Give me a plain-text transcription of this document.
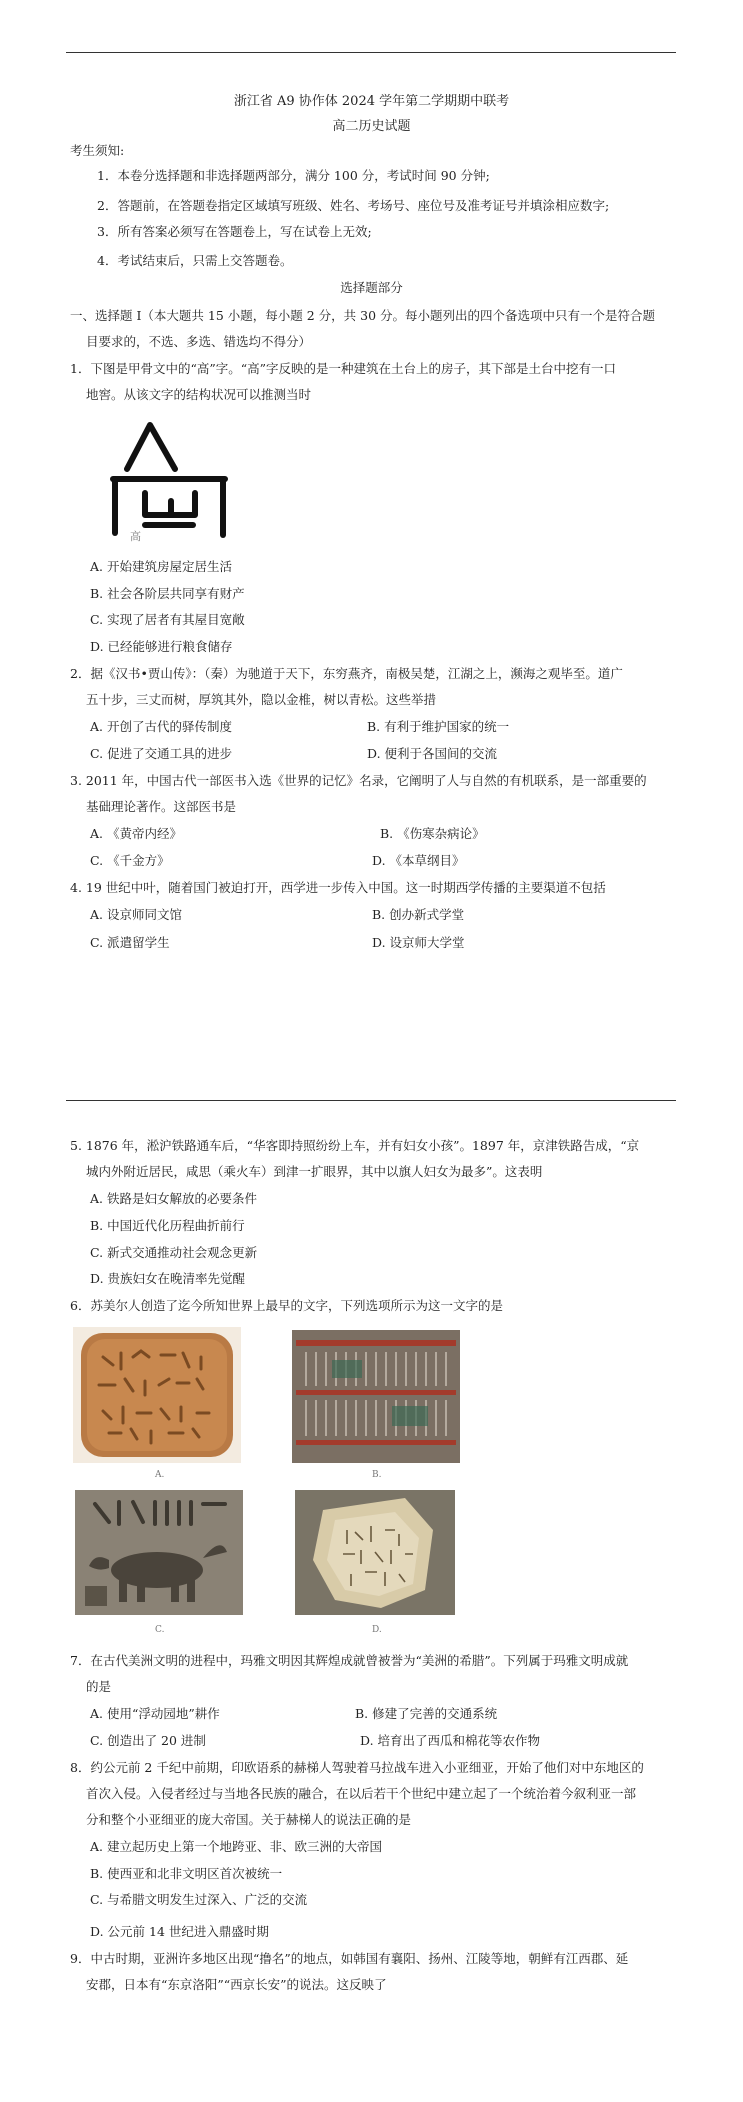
浙江省 A9 协作体 2024 学年第二学期期中联考
高二历史试题
考生须知:
1．本卷分选择题和非选择题两部分，满分 100 分，考试时间 90 分钟;
2．答题前，在答题卷指定区域填写班级、姓名、考场号、座位号及准考证号并填涂相应数字;
3．所有答案必须写在答题卷上，写在试卷上无效;
4．考试结束后，只需上交答题卷。
选择题部分
一、选择题 I（本大题共 15 小题，每小题 2 分，共 30 分。每小题列出的四个备选项中只有一个是符合题
目要求的，不选、多选、错选均不得分）
1．下图是甲骨文中的“高”字。“高”字反映的是一种建筑在土台上的房子，其下部是土台中挖有一口
地窖。从该文字的结构状况可以推测当时
高
A. 开始建筑房屋定居生活
B. 社会各阶层共同享有财产
C. 实现了居者有其屋目宽敞
D. 已经能够进行粮食储存
2．据《汉书•贾山传》：（秦）为驰道于天下，东穷燕齐，南极吴楚，江湖之上，濒海之观毕至。道广
五十步，三丈而树，厚筑其外，隐以金椎，树以青松。这些举措
A. 开创了古代的驿传制度	B. 有利于维护国家的统一
C. 促进了交通工具的进步	D. 便利于各国间的交流
3. 2011 年，中国古代一部医书入选《世界的记忆》名录，它阐明了人与自然的有机联系，是一部重要的
基础理论著作。这部医书是
A. 《黄帝内经》	B. 《伤寒杂病论》
C. 《千金方》	D. 《本草纲目》
4. 19 世纪中叶，随着国门被迫打开，西学进一步传入中国。这一时期西学传播的主要渠道不包括
A. 设京师同文馆	B. 创办新式学堂
C. 派遣留学生	D. 设京师大学堂
5. 1876 年，淞沪铁路通车后，“华客即持照纷纷上车，并有妇女小孩”。1897 年，京津铁路告成，“京
城内外附近居民，咸思（乘火车）到津一扩眼界，其中以旗人妇女为最多”。这表明
A. 铁路是妇女解放的必要条件
B. 中国近代化历程曲折前行
C. 新式交通推动社会观念更新
D. 贵族妇女在晚清率先觉醒
6．苏美尔人创造了迄今所知世界上最早的文字，下列选项所示为这一文字的是
A.	B.
C.	D.
7．在古代美洲文明的进程中，玛雅文明因其辉煌成就曾被誉为“美洲的希腊”。下列属于玛雅文明成就
的是
A. 使用“浮动园地”耕作	B. 修建了完善的交通系统
C. 创造出了 20 进制	D. 培育出了西瓜和棉花等农作物
8．约公元前 2 千纪中前期，印欧语系的赫梯人驾驶着马拉战车进入小亚细亚，开始了他们对中东地区的
首次入侵。入侵者经过与当地各民族的融合，在以后若干个世纪中建立起了一个统治着今叙利亚一部
分和整个小亚细亚的庞大帝国。关于赫梯人的说法正确的是
A. 建立起历史上第一个地跨亚、非、欧三洲的大帝国
B. 使西亚和北非文明区首次被统一
C. 与希腊文明发生过深入、广泛的交流
D. 公元前 14 世纪进入鼎盛时期
9．中古时期，亚洲许多地区出现“撸名”的地点，如韩国有襄阳、扬州、江陵等地，朝鲜有江西郡、延
安郡，日本有“东京洛阳”“西京长安”的说法。这反映了
